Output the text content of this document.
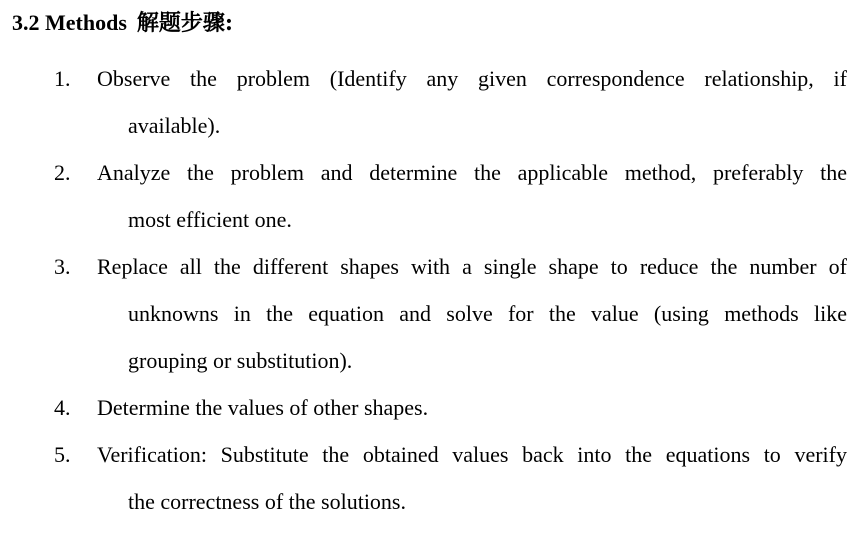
3.2 Methods 解题步骤:
1. Observe the problem (Identify any given correspondence relationship, if
available).
2. Analyze the problem and determine the applicable method, preferably the
most efficient one.
3. Replace all the different shapes with a single shape to reduce the number of
unknowns in the equation and solve for the value (using methods like
grouping or substitution).
4. Determine the values of other shapes.
5. Verification: Substitute the obtained values back into the equations to verify
the correctness of the solutions.
